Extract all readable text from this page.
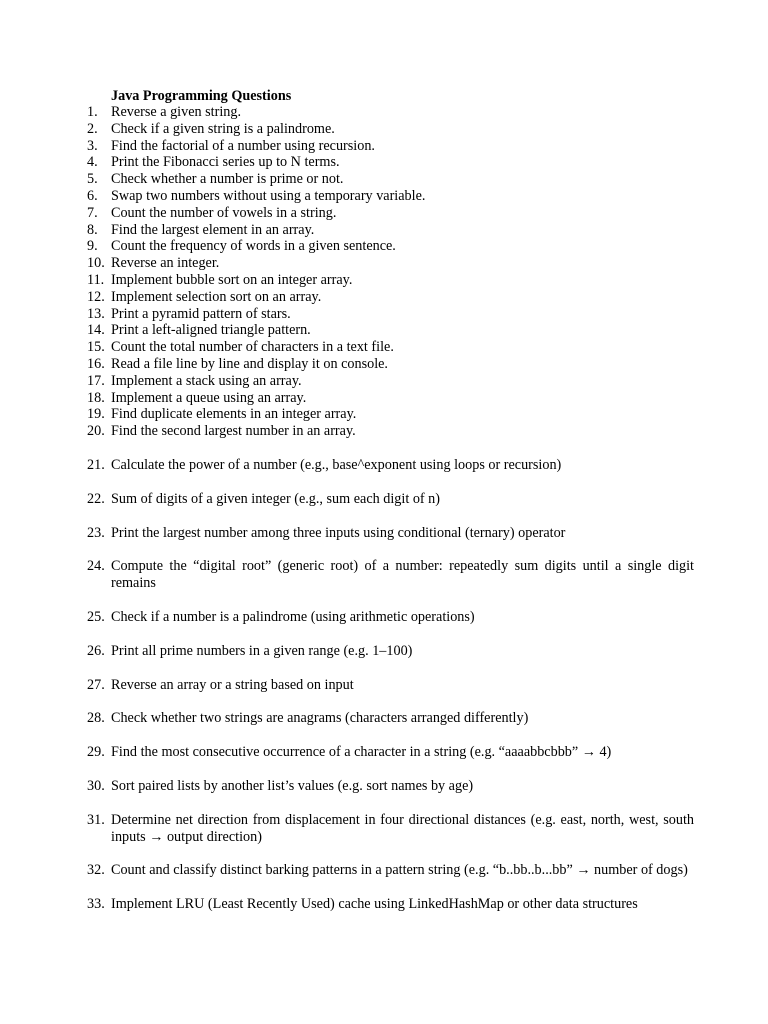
Java Programming Questions
1. Reverse a given string.
2. Check if a given string is a palindrome.
3. Find the factorial of a number using recursion.
4. Print the Fibonacci series up to N terms.
5. Check whether a number is prime or not.
6. Swap two numbers without using a temporary variable.
7. Count the number of vowels in a string.
8. Find the largest element in an array.
9. Count the frequency of words in a given sentence.
10. Reverse an integer.
11. Implement bubble sort on an integer array.
12. Implement selection sort on an array.
13. Print a pyramid pattern of stars.
14. Print a left-aligned triangle pattern.
15. Count the total number of characters in a text file.
16. Read a file line by line and display it on console.
17. Implement a stack using an array.
18. Implement a queue using an array.
19. Find duplicate elements in an integer array.
20. Find the second largest number in an array.
21. Calculate the power of a number (e.g., base^exponent using loops or recursion)
22. Sum of digits of a given integer (e.g., sum each digit of n)
23. Print the largest number among three inputs using conditional (ternary) operator
24. Compute the “digital root” (generic root) of a number: repeatedly sum digits until a single digit remains
25. Check if a number is a palindrome (using arithmetic operations)
26. Print all prime numbers in a given range (e.g. 1–100)
27. Reverse an array or a string based on input
28. Check whether two strings are anagrams (characters arranged differently)
29. Find the most consecutive occurrence of a character in a string (e.g. “aaaabbcbbb” → 4)
30. Sort paired lists by another list’s values (e.g. sort names by age)
31. Determine net direction from displacement in four directional distances (e.g. east, north, west, south inputs → output direction)
32. Count and classify distinct barking patterns in a pattern string (e.g. “b..bb..b...bb” → number of dogs)
33. Implement LRU (Least Recently Used) cache using LinkedHashMap or other data structures
